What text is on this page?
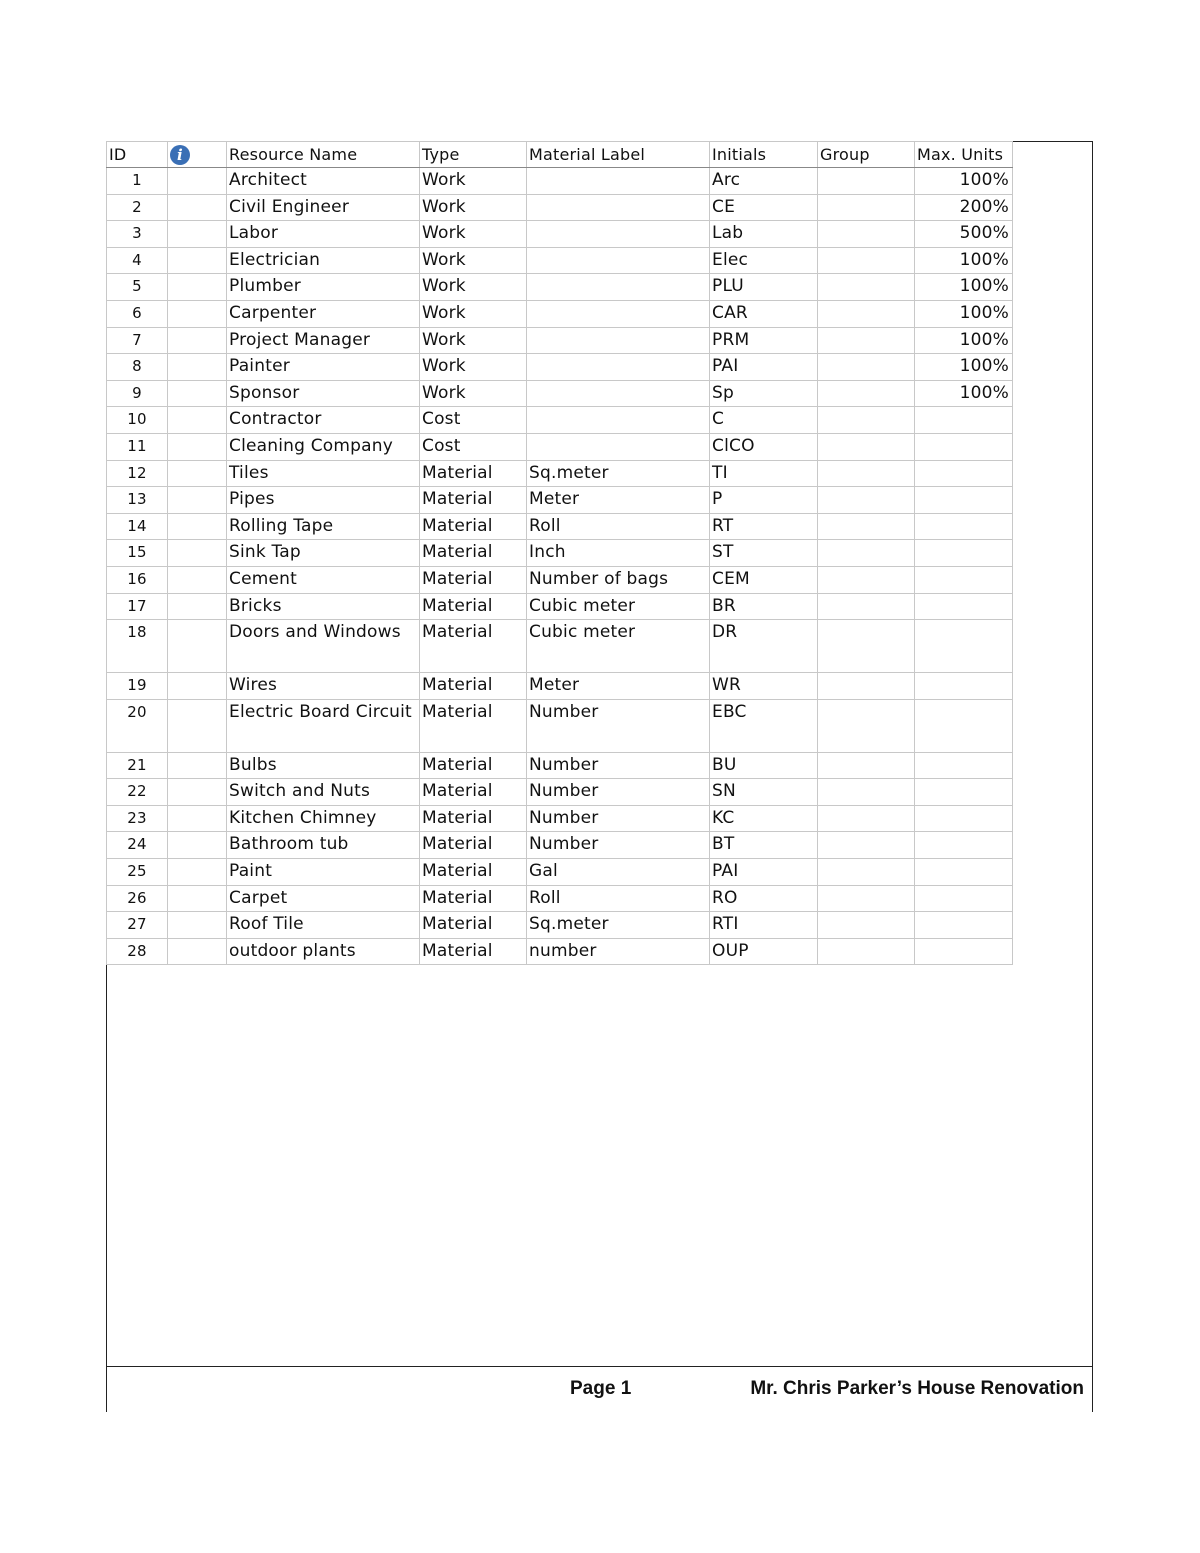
ID	i	Resource Name	Type	Material Label	Initials	Group	Max. Units
1		Architect	Work		Arc		100%
2		Civil Engineer	Work		CE		200%
3		Labor	Work		Lab		500%
4		Electrician	Work		Elec		100%
5		Plumber	Work		PLU		100%
6		Carpenter	Work		CAR		100%
7		Project Manager	Work		PRM		100%
8		Painter	Work		PAI		100%
9		Sponsor	Work		Sp		100%
10		Contractor	Cost		C		
11		Cleaning Company	Cost		ClCO		
12		Tiles	Material	Sq.meter	TI		
13		Pipes	Material	Meter	P		
14		Rolling Tape	Material	Roll	RT		
15		Sink Tap	Material	Inch	ST		
16		Cement	Material	Number of bags	CEM		
17		Bricks	Material	Cubic meter	BR		
18		Doors and Windows	Material	Cubic meter	DR		
19		Wires	Material	Meter	WR		
20		Electric Board Circuit	Material	Number	EBC		
21		Bulbs	Material	Number	BU		
22		Switch and Nuts	Material	Number	SN		
23		Kitchen Chimney	Material	Number	KC		
24		Bathroom tub	Material	Number	BT		
25		Paint	Material	Gal	PAI		
26		Carpet	Material	Roll	RO		
27		Roof Tile	Material	Sq.meter	RTI		
28		outdoor plants	Material	number	OUP		
Page 1	Mr. Chris Parker’s House Renovation
